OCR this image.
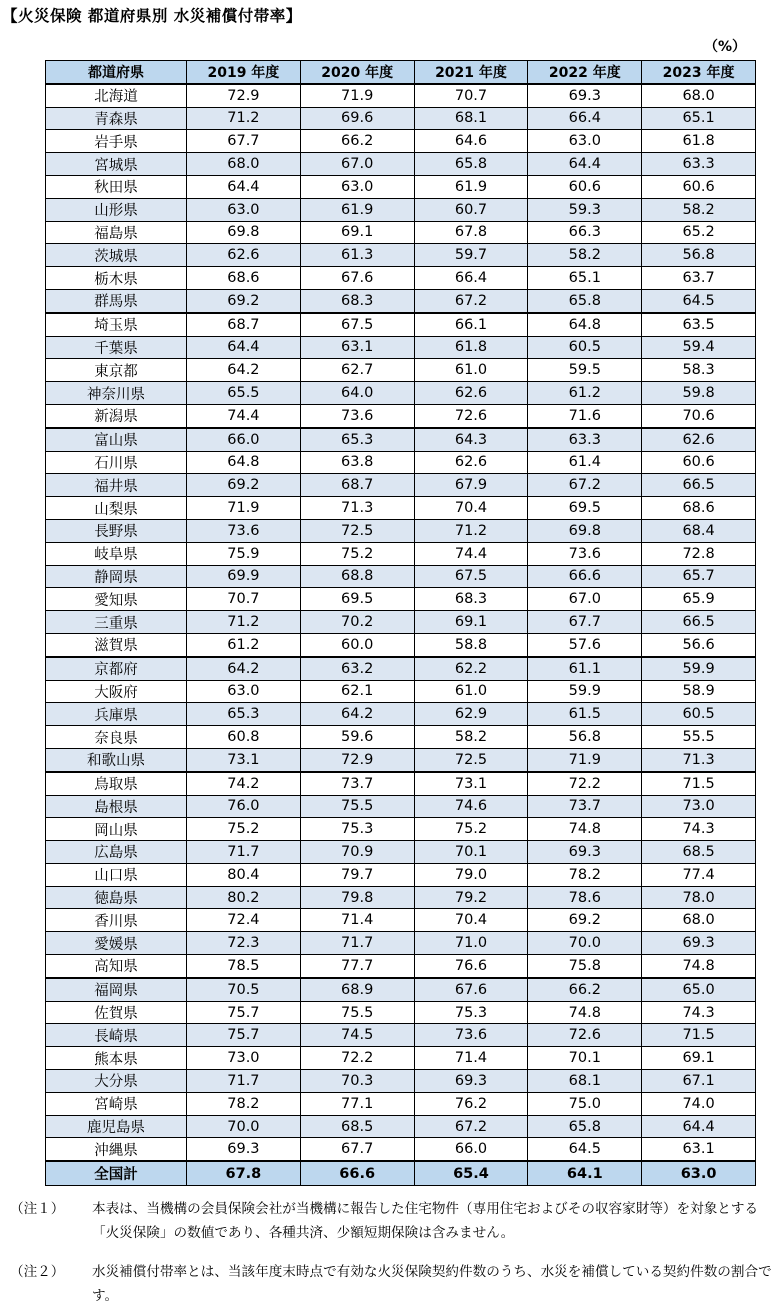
【火災保険 都道府県別 水災補償付帯率】
（%）
都道府県	2019 年度	2020 年度	2021 年度	2022 年度	2023 年度
北海道	72.9	71.9	70.7	69.3	68.0
青森県	71.2	69.6	68.1	66.4	65.1
岩手県	67.7	66.2	64.6	63.0	61.8
宮城県	68.0	67.0	65.8	64.4	63.3
秋田県	64.4	63.0	61.9	60.6	60.6
山形県	63.0	61.9	60.7	59.3	58.2
福島県	69.8	69.1	67.8	66.3	65.2
茨城県	62.6	61.3	59.7	58.2	56.8
栃木県	68.6	67.6	66.4	65.1	63.7
群馬県	69.2	68.3	67.2	65.8	64.5
埼玉県	68.7	67.5	66.1	64.8	63.5
千葉県	64.4	63.1	61.8	60.5	59.4
東京都	64.2	62.7	61.0	59.5	58.3
神奈川県	65.5	64.0	62.6	61.2	59.8
新潟県	74.4	73.6	72.6	71.6	70.6
富山県	66.0	65.3	64.3	63.3	62.6
石川県	64.8	63.8	62.6	61.4	60.6
福井県	69.2	68.7	67.9	67.2	66.5
山梨県	71.9	71.3	70.4	69.5	68.6
長野県	73.6	72.5	71.2	69.8	68.4
岐阜県	75.9	75.2	74.4	73.6	72.8
静岡県	69.9	68.8	67.5	66.6	65.7
愛知県	70.7	69.5	68.3	67.0	65.9
三重県	71.2	70.2	69.1	67.7	66.5
滋賀県	61.2	60.0	58.8	57.6	56.6
京都府	64.2	63.2	62.2	61.1	59.9
大阪府	63.0	62.1	61.0	59.9	58.9
兵庫県	65.3	64.2	62.9	61.5	60.5
奈良県	60.8	59.6	58.2	56.8	55.5
和歌山県	73.1	72.9	72.5	71.9	71.3
鳥取県	74.2	73.7	73.1	72.2	71.5
島根県	76.0	75.5	74.6	73.7	73.0
岡山県	75.2	75.3	75.2	74.8	74.3
広島県	71.7	70.9	70.1	69.3	68.5
山口県	80.4	79.7	79.0	78.2	77.4
徳島県	80.2	79.8	79.2	78.6	78.0
香川県	72.4	71.4	70.4	69.2	68.0
愛媛県	72.3	71.7	71.0	70.0	69.3
高知県	78.5	77.7	76.6	75.8	74.8
福岡県	70.5	68.9	67.6	66.2	65.0
佐賀県	75.7	75.5	75.3	74.8	74.3
長崎県	75.7	74.5	73.6	72.6	71.5
熊本県	73.0	72.2	71.4	70.1	69.1
大分県	71.7	70.3	69.3	68.1	67.1
宮崎県	78.2	77.1	76.2	75.0	74.0
鹿児島県	70.0	68.5	67.2	65.8	64.4
沖縄県	69.3	67.7	66.0	64.5	63.1
全国計	67.8	66.6	65.4	64.1	63.0
（注１） 本表は、当機構の会員保険会社が当機構に報告した住宅物件（専用住宅およびその収容家財等）を対象とする「火災保険」の数値であり、各種共済、少額短期保険は含みません。
（注２） 水災補償付帯率とは、当該年度末時点で有効な火災保険契約件数のうち、水災を補償している契約件数の割合です。
